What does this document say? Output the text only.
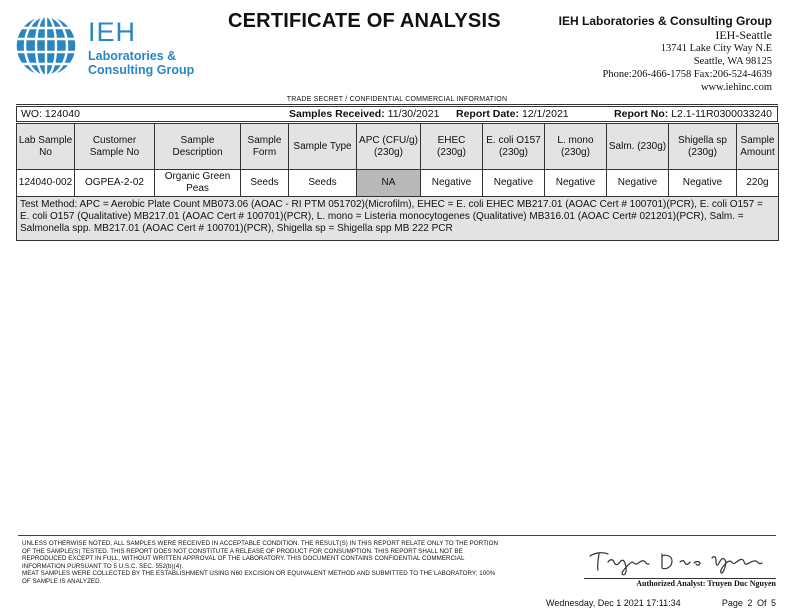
IEH
Laboratories &
Consulting Group
CERTIFICATE OF ANALYSIS	IEH Laboratories & Consulting Group
IEH-Seattle
13741 Lake City Way N.E
Seattle, WA 98125
Phone:206-466-1758 Fax:206-524-4639
www.iehinc.com
TRADE SECRET / CONFIDENTIAL COMMERCIAL INFORMATION
WO: 124040	Samples Received: 11/30/2021 Report Date: 12/1/2021	Report No: L2.1-11R0300033240
Lab Sample No	Customer Sample No	Sample Description	Sample Form	Sample Type	APC (CFU/g) (230g)	EHEC (230g)	E. coli O157 (230g)	L. mono (230g)	Salm. (230g)	Shigella sp (230g)	Sample Amount
124040-002	OGPEA-2-02	Organic Green Peas	Seeds	Seeds	NA	Negative	Negative	Negative	Negative	Negative	220g
Test Method: APC = Aerobic Plate Count MB073.06 (AOAC - RI PTM 051702)(Microfilm), EHEC = E. coli EHEC MB217.01 (AOAC Cert # 100701)(PCR), E. coli O157 = E. coli O157 (Qualitative) MB217.01 (AOAC Cert # 100701)(PCR), L. mono = Listeria monocytogenes (Qualitative) MB316.01 (AOAC Cert# 021201)(PCR), Salm. = Salmonella spp. MB217.01 (AOAC Cert # 100701)(PCR), Shigella sp = Shigella spp MB 222 PCR											

UNLESS OTHERWISE NOTED, ALL SAMPLES WERE RECEIVED IN ACCEPTABLE CONDITION. THE RESULT(S) IN THIS REPORT RELATE ONLY TO THE PORTION OF THE SAMPLE(S) TESTED. THIS REPORT DOES NOT CONSTITUTE A RELEASE OF PRODUCT FOR CONSUMPTION. THIS REPORT SHALL NOT BE REPRODUCED EXCEPT IN FULL, WITHOUT WRITTEN APPROVAL OF THE LABORATORY. THIS DOCUMENT CONTAINS CONFIDENTIAL COMMERCIAL INFORMATION PURSUANT TO 5 U.S.C. SEC. 552(b)(4).

MEAT SAMPLES WERE COLLECTED BY THE ESTABLISHMENT USING N60 EXCISION OR EQUIVALENT METHOD AND SUBMITTED TO THE LABORATORY; 100% OF SAMPLE IS ANALYZED.	Authorized Analyst: Truyen Duc Nguyen
Wednesday, Dec 1 2021 17:11:34	Page 2 Of 5
